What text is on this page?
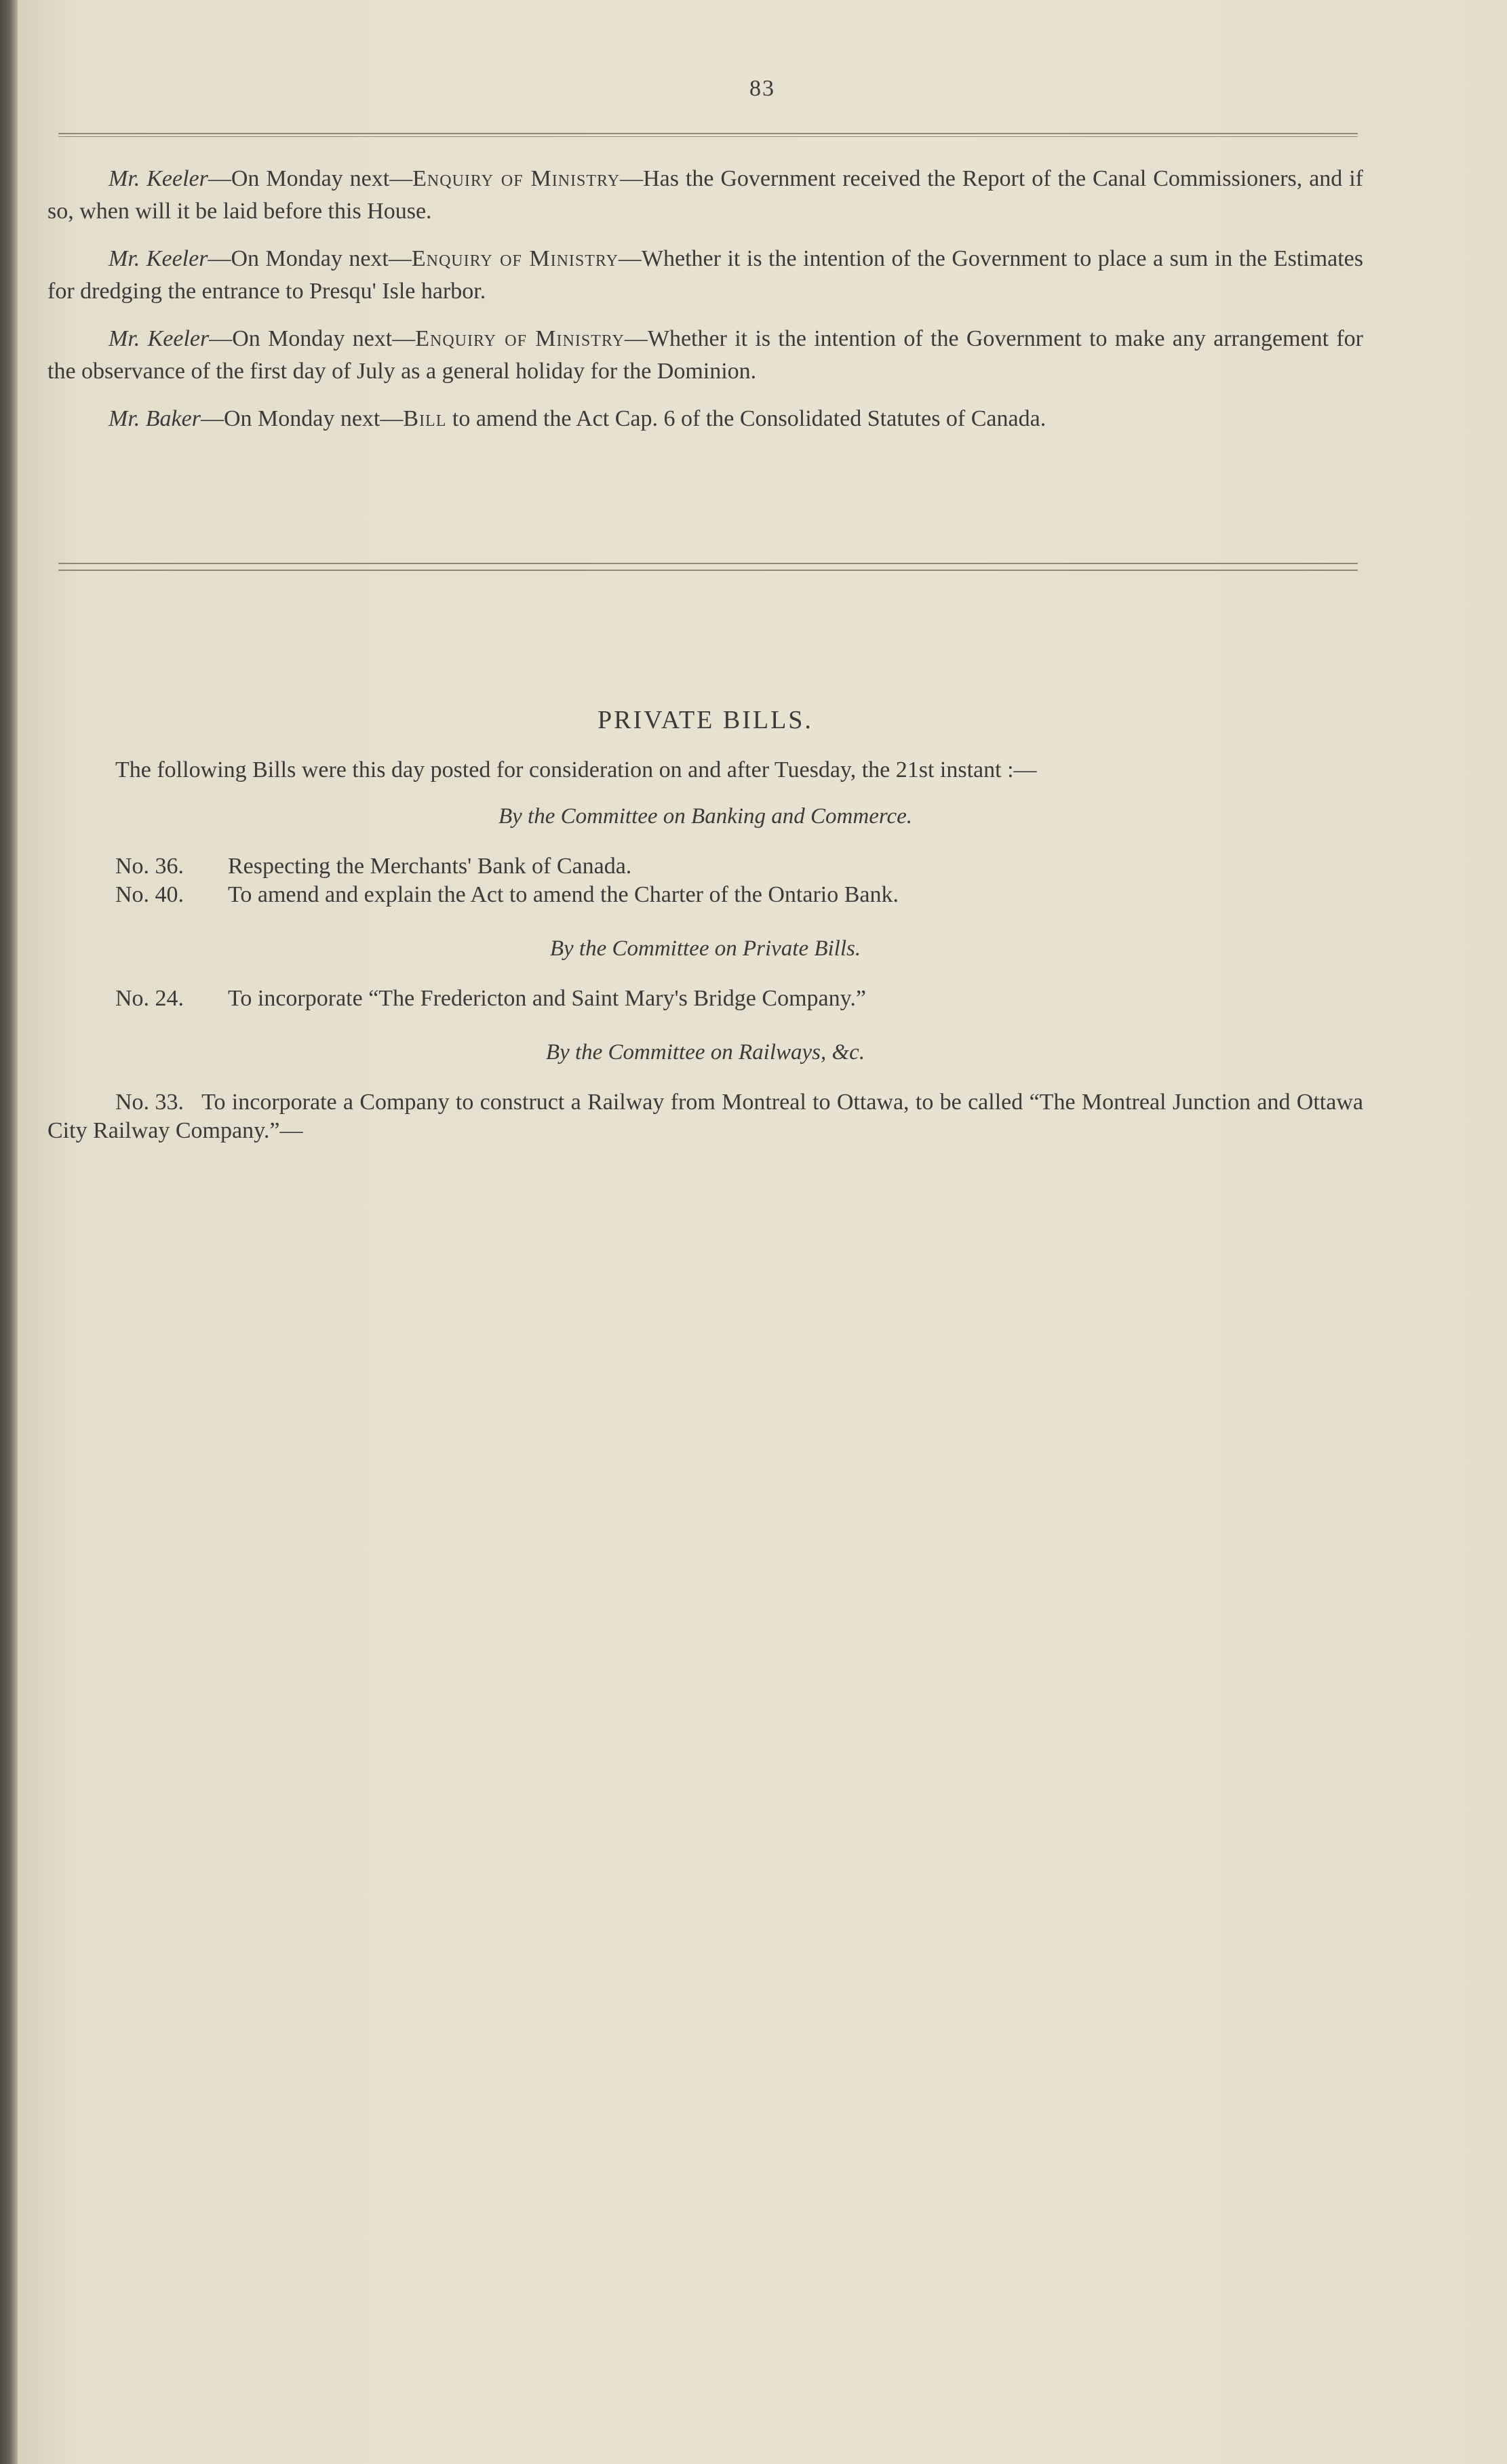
83

Mr. Keeler—On Monday next—Enquiry of Ministry—Has the Government received the Report of the Canal Commissioners, and if so, when will it be laid before this House.

Mr. Keeler—On Monday next—Enquiry of Ministry—Whether it is the intention of the Government to place a sum in the Estimates for dredging the entrance to Presqu' Isle harbor.

Mr. Keeler—On Monday next—Enquiry of Ministry—Whether it is the intention of the Government to make any arrangement for the observance of the first day of July as a general holiday for the Dominion.

Mr. Baker—On Monday next—Bill to amend the Act Cap. 6 of the Consolidated Statutes of Canada.

PRIVATE BILLS.

The following Bills were this day posted for consideration on and after Tuesday, the 21st instant :—

By the Committee on Banking and Commerce.

No. 36. Respecting the Merchants' Bank of Canada.

No. 40. To amend and explain the Act to amend the Charter of the Ontario Bank.

By the Committee on Private Bills.

No. 24. To incorporate “The Fredericton and Saint Mary's Bridge Company.”

By the Committee on Railways, &c.

No. 33. To incorporate a Company to construct a Railway from Montreal to Ottawa, to be called “The Montreal Junction and Ottawa City Railway Company.”—
